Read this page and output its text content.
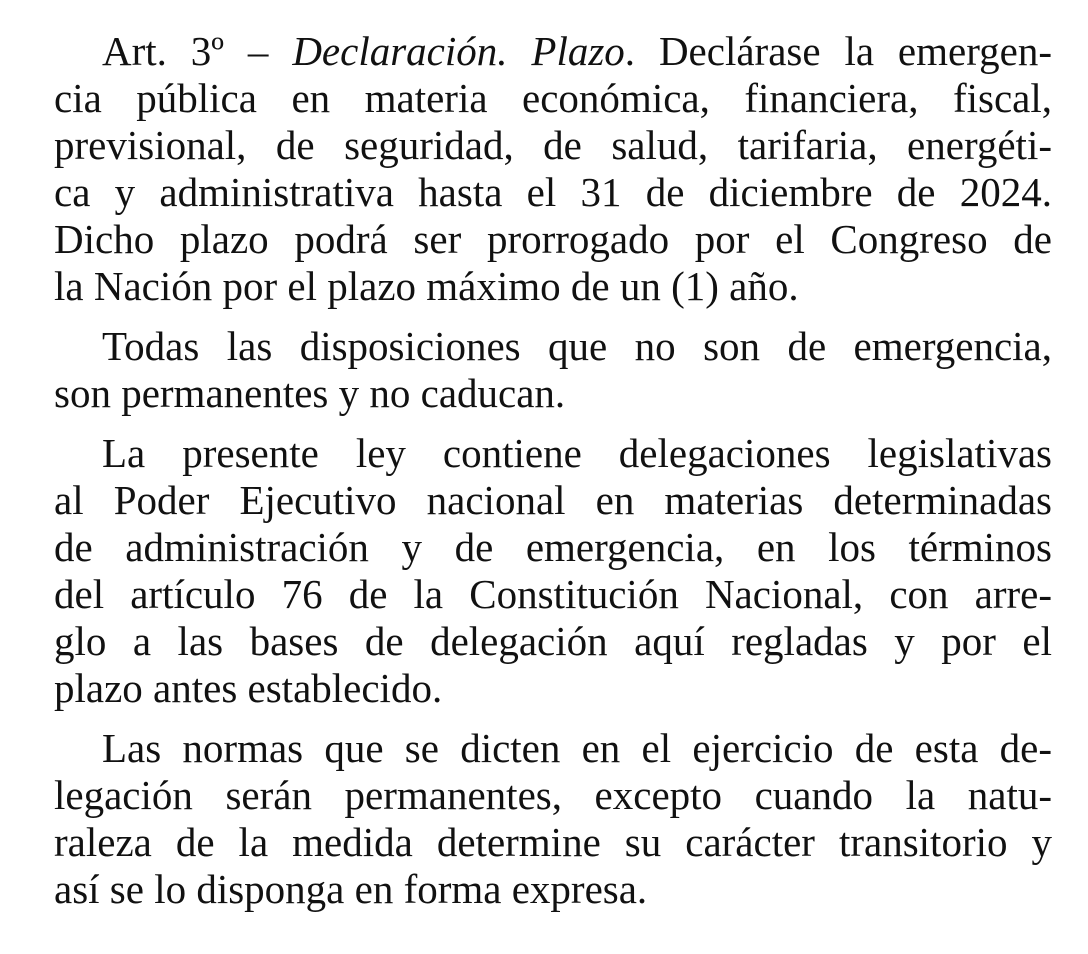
Art. 3º – Declaración. Plazo. Declárase la emergen-
cia pública en materia económica, financiera, fiscal,
previsional, de seguridad, de salud, tarifaria, energéti-
ca y administrativa hasta el 31 de diciembre de 2024.
Dicho plazo podrá ser prorrogado por el Congreso de
la Nación por el plazo máximo de un (1) año.

Todas las disposiciones que no son de emergencia,
son permanentes y no caducan.

La presente ley contiene delegaciones legislativas
al Poder Ejecutivo nacional en materias determinadas
de administración y de emergencia, en los términos
del artículo 76 de la Constitución Nacional, con arre-
glo a las bases de delegación aquí regladas y por el
plazo antes establecido.

Las normas que se dicten en el ejercicio de esta de-
legación serán permanentes, excepto cuando la natu-
raleza de la medida determine su carácter transitorio y
así se lo disponga en forma expresa.
